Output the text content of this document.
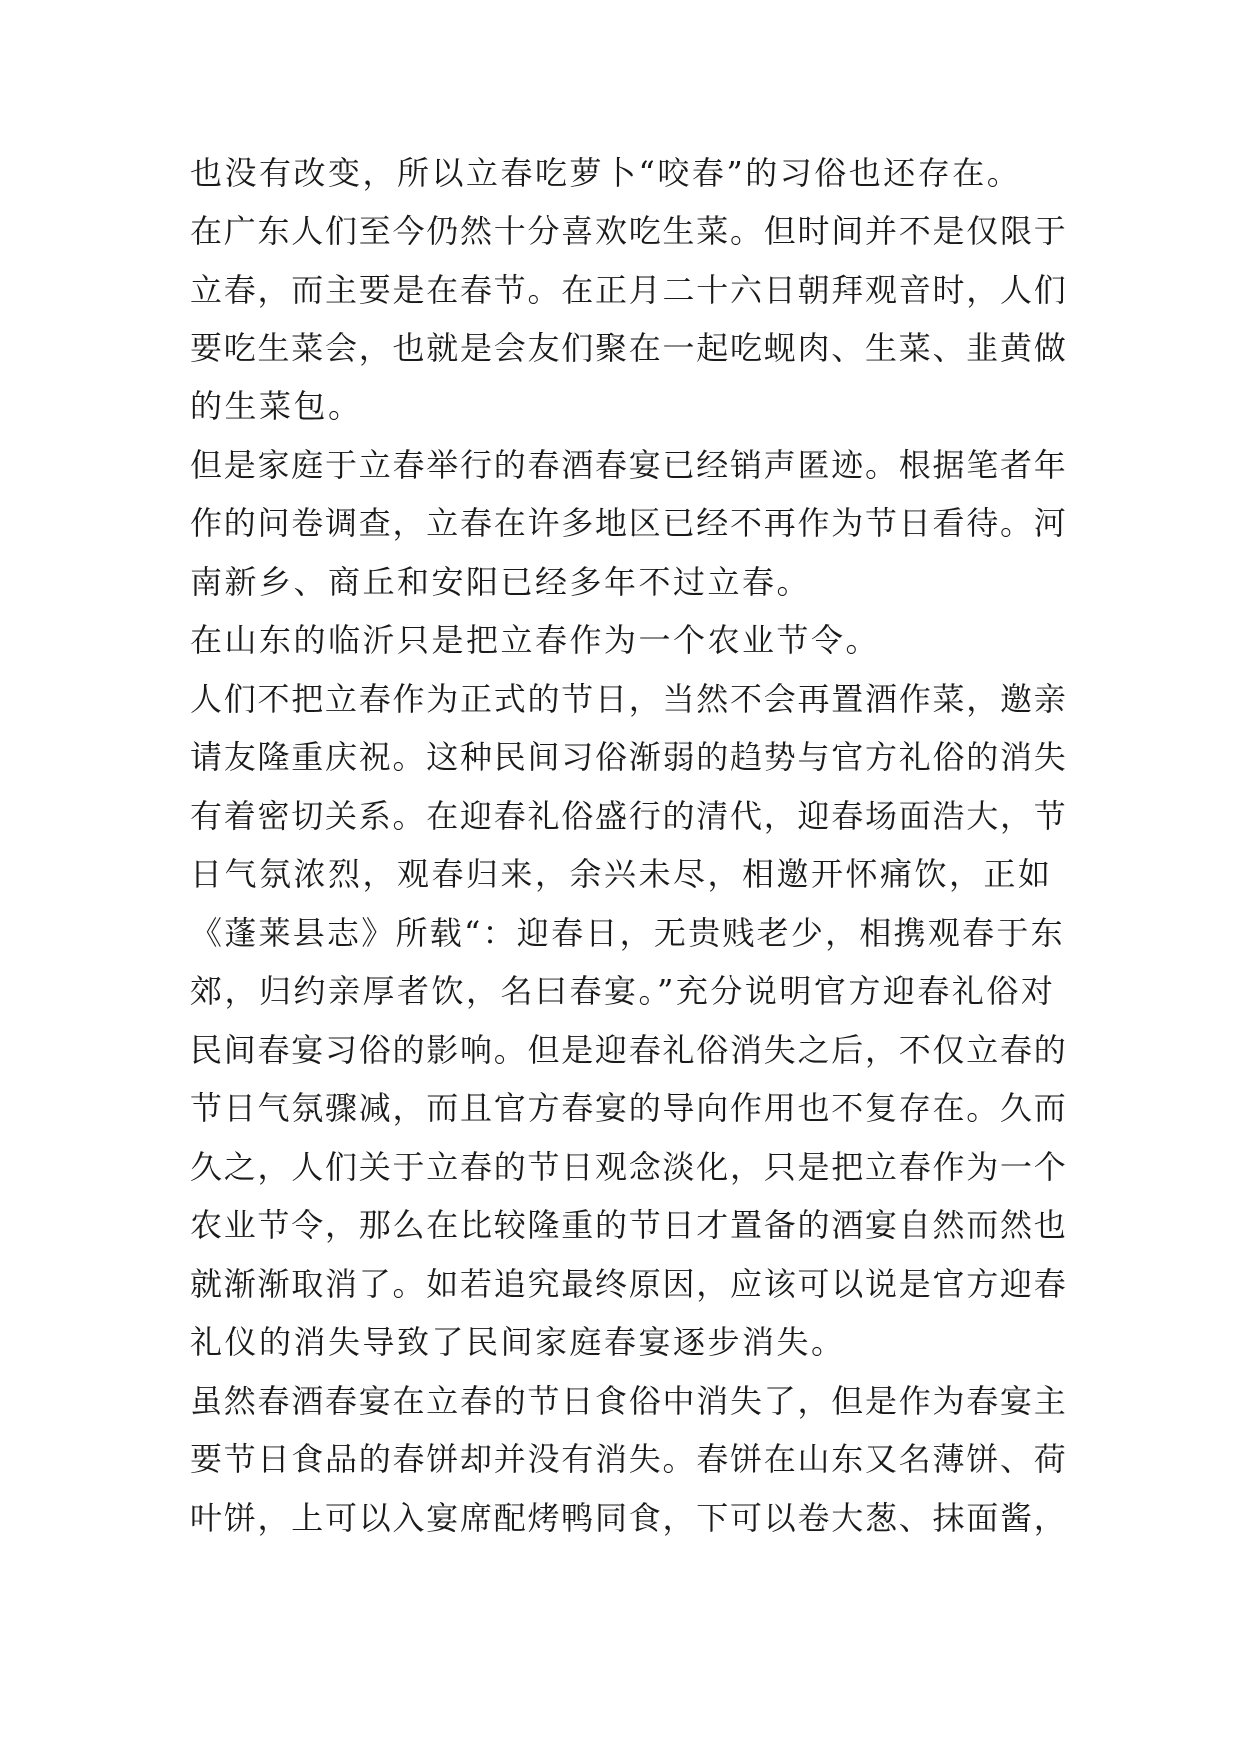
也没有改变，所以立春吃萝卜“咬春”的习俗也还存在。
在广东人们至今仍然十分喜欢吃生菜。但时间并不是仅限于
立春，而主要是在春节。在正月二十六日朝拜观音时，人们
要吃生菜会，也就是会友们聚在一起吃蚬肉、生菜、韭黄做
的生菜包。
但是家庭于立春举行的春酒春宴已经销声匿迹。根据笔者年
作的问卷调查，立春在许多地区已经不再作为节日看待。河
南新乡、商丘和安阳已经多年不过立春。
在山东的临沂只是把立春作为一个农业节令。
人们不把立春作为正式的节日，当然不会再置酒作菜，邀亲
请友隆重庆祝。这种民间习俗渐弱的趋势与官方礼俗的消失
有着密切关系。在迎春礼俗盛行的清代，迎春场面浩大，节
日气氛浓烈，观春归来，余兴未尽，相邀开怀痛饮，正如
《蓬莱县志》所载“：迎春日，无贵贱老少，相携观春于东
郊，归约亲厚者饮，名曰春宴。”充分说明官方迎春礼俗对
民间春宴习俗的影响。但是迎春礼俗消失之后，不仅立春的
节日气氛骤减，而且官方春宴的导向作用也不复存在。久而
久之，人们关于立春的节日观念淡化，只是把立春作为一个
农业节令，那么在比较隆重的节日才置备的酒宴自然而然也
就渐渐取消了。如若追究最终原因，应该可以说是官方迎春
礼仪的消失导致了民间家庭春宴逐步消失。
虽然春酒春宴在立春的节日食俗中消失了，但是作为春宴主
要节日食品的春饼却并没有消失。春饼在山东又名薄饼、荷
叶饼，上可以入宴席配烤鸭同食，下可以卷大葱、抹面酱，
